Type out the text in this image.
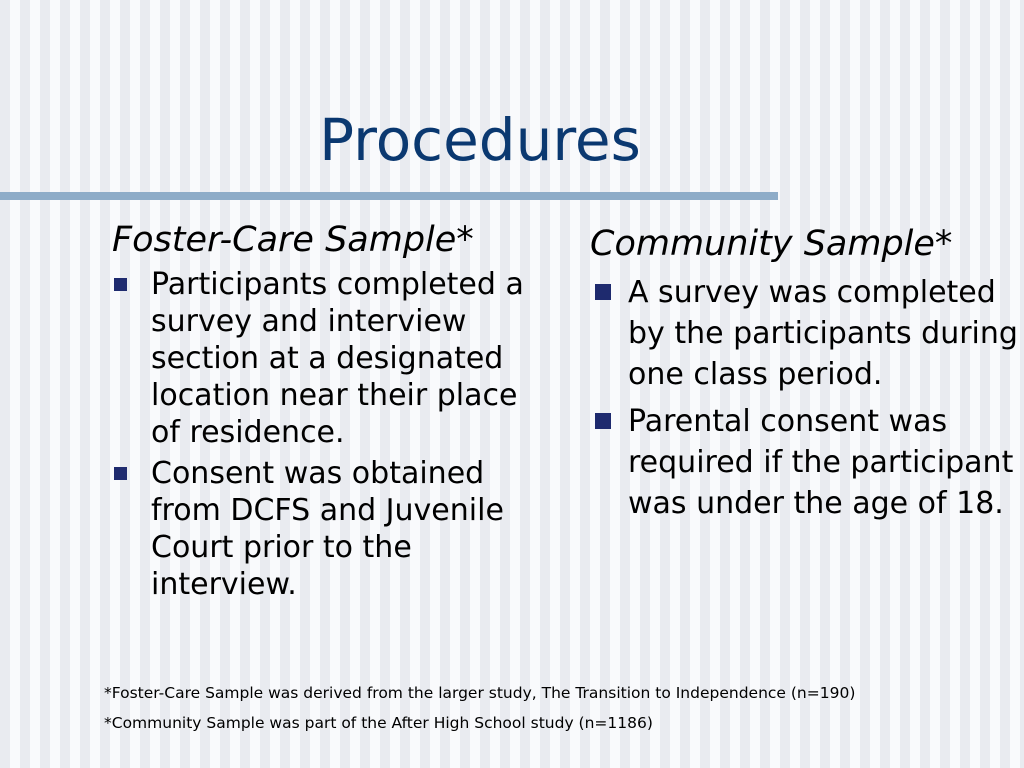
Procedures
Foster-Care Sample*
Participants completed a survey and interview section at a designated location near their place of residence.
Consent was obtained from DCFS and Juvenile Court prior to the interview.
Community Sample*
A survey was completed by the participants during one class period.
Parental consent was required if the participant was under the age of 18.
*Foster-Care Sample was derived from the larger study, The Transition to Independence (n=190)
*Community Sample was part of the After High School study (n=1186)
